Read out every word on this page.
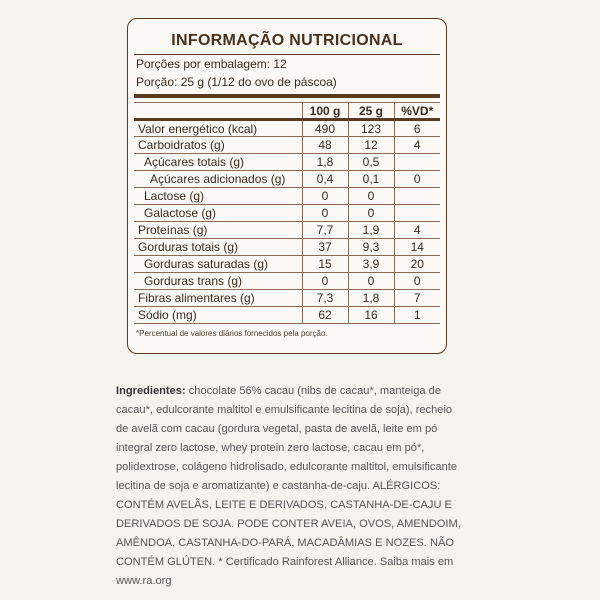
INFORMAÇÃO NUTRICIONAL
Porções por embalagem: 12
Porção: 25 g (1/12 do ovo de páscoa)
	100 g	25 g	%VD*
Valor energético (kcal)	490	123	6
Carboidratos (g)	48	12	4
Açúcares totais (g)	1,8	0,5	
Açúcares adicionados (g)	0,4	0,1	0
Lactose (g)	0	0	
Galactose (g)	0	0	
Proteínas (g)	7,7	1,9	4
Gorduras totais (g)	37	9,3	14
Gorduras saturadas (g)	15	3,9	20
Gorduras trans (g)	0	0	0
Fibras alimentares (g)	7,3	1,8	7
Sódio (mg)	62	16	1
*Percentual de valores diários fornecidos pela porção.
Ingredientes: chocolate 56% cacau (nibs de cacau*, manteiga de cacau*, edulcorante maltitol e emulsificante lecitina de soja), recheio de avelã com cacau (gordura vegetal, pasta de avelã, leite em pó integral zero lactose, whey protein zero lactose, cacau em pó*, polidextrose, colágeno hidrolisado, edulcorante maltitol, emulsificante lecitina de soja e aromatizante) e castanha-de-caju. ALÉRGICOS: CONTÉM AVELÃS, LEITE E DERIVADOS, CASTANHA-DE-CAJU E DERIVADOS DE SOJA. PODE CONTER AVEIA, OVOS, AMENDOIM, AMÊNDOA, CASTANHA-DO-PARÁ, MACADÂMIAS E NOZES. NÃO CONTÉM GLÚTEN. * Certificado Rainforest Alliance. Saiba mais em www.ra.org
